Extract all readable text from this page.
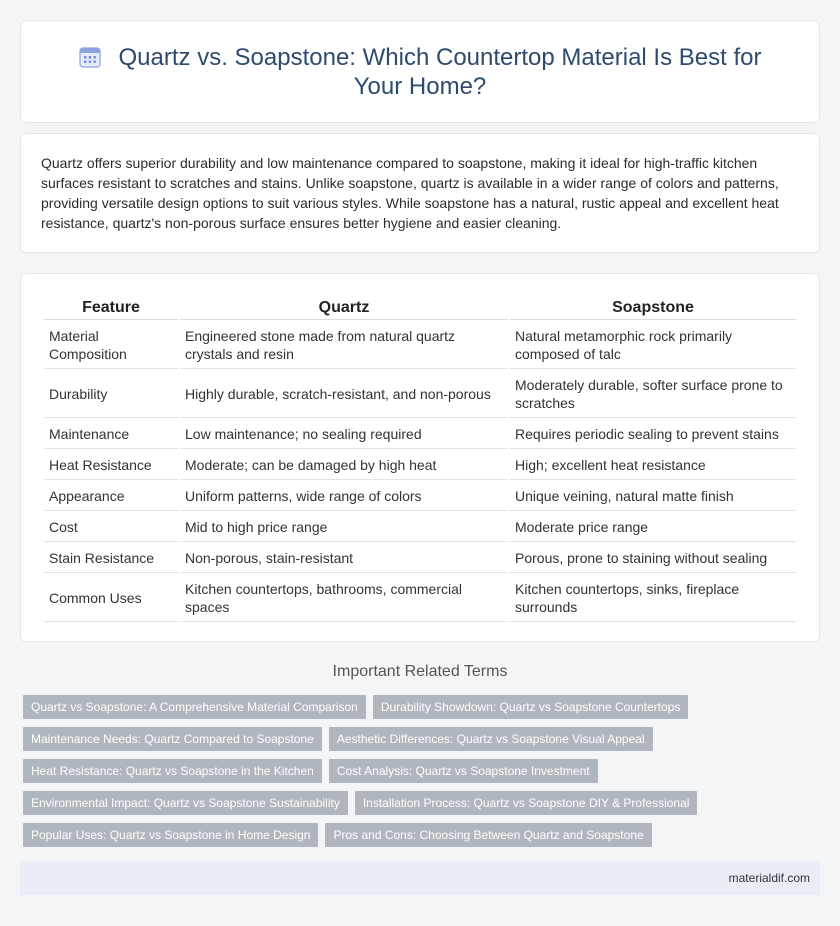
Quartz vs. Soapstone: Which Countertop Material Is Best for Your Home?

Quartz offers superior durability and low maintenance compared to soapstone, making it ideal for high-traffic kitchen surfaces resistant to scratches and stains. Unlike soapstone, quartz is available in a wider range of colors and patterns, providing versatile design options to suit various styles. While soapstone has a natural, rustic appeal and excellent heat resistance, quartz's non-porous surface ensures better hygiene and easier cleaning.

Feature	Quartz	Soapstone
Material Composition	Engineered stone made from natural quartz crystals and resin	Natural metamorphic rock primarily composed of talc
Durability	Highly durable, scratch-resistant, and non-porous	Moderately durable, softer surface prone to scratches
Maintenance	Low maintenance; no sealing required	Requires periodic sealing to prevent stains
Heat Resistance	Moderate; can be damaged by high heat	High; excellent heat resistance
Appearance	Uniform patterns, wide range of colors	Unique veining, natural matte finish
Cost	Mid to high price range	Moderate price range
Stain Resistance	Non-porous, stain-resistant	Porous, prone to staining without sealing
Common Uses	Kitchen countertops, bathrooms, commercial spaces	Kitchen countertops, sinks, fireplace surrounds
Important Related Terms
Quartz vs Soapstone: A Comprehensive Material Comparison Durability Showdown: Quartz vs Soapstone Countertops
Maintenance Needs: Quartz Compared to Soapstone Aesthetic Differences: Quartz vs Soapstone Visual Appeal
Heat Resistance: Quartz vs Soapstone in the Kitchen Cost Analysis: Quartz vs Soapstone Investment
Environmental Impact: Quartz vs Soapstone Sustainability Installation Process: Quartz vs Soapstone DIY & Professional
Popular Uses: Quartz vs Soapstone in Home Design Pros and Cons: Choosing Between Quartz and Soapstone
materialdif.com
